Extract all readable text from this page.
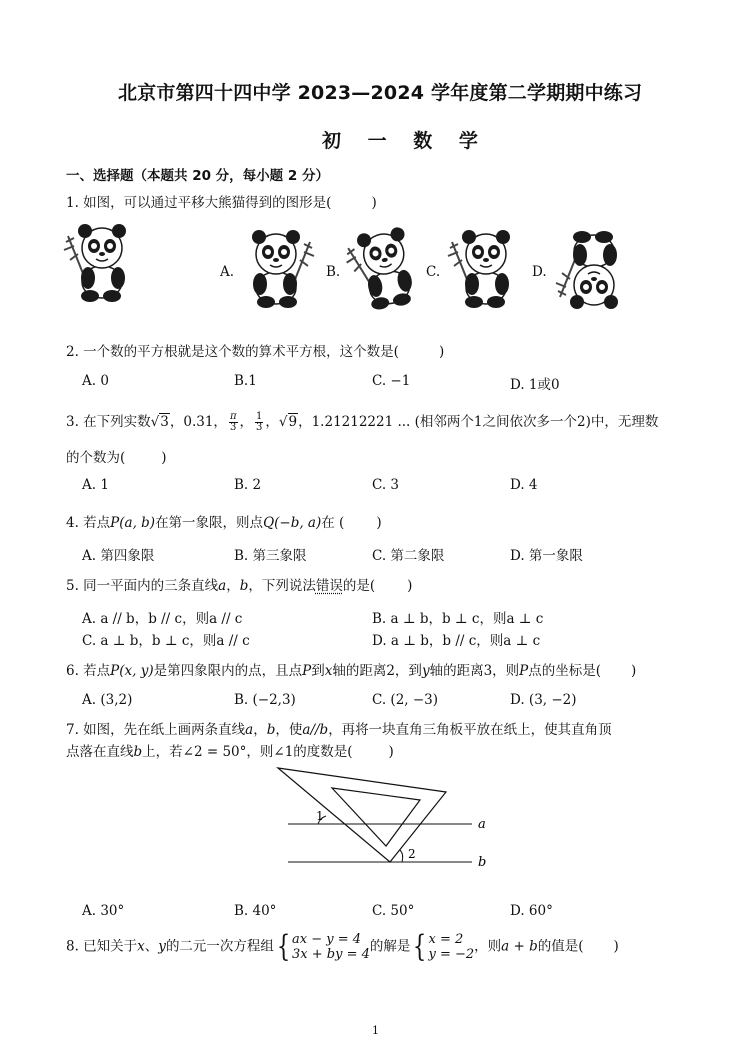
北京市第四十四中学 2023—2024 学年度第二学期期中练习
初 一 数 学
一、选择题（本题共 20 分，每小题 2 分）
1. 如图，可以通过平移大熊猫得到的图形是(	)
A.	B.	C.	D.
2. 一个数的平方根就是这个数的算术平方根，这个数是(	)
A. 0	B.1	C. −1	D. 1或0
3. 在下列实数√3，0.31， $\frac{\pi}{3}$ ， $\frac{1}{3}$ ，√9，1.21212221 ... (相邻两个1之间依次多一个2)中，无理数
的个数为(	)
A. 1	B. 2	C. 3	D. 4
4. 若点P(a, b)在第一象限，则点Q(−b, a)在 ( )
A. 第四象限	B. 第三象限	C. 第二象限	D. 第一象限
5. 同一平面内的三条直线a，b，下列说法错误的是( )
A. a // b，b // c，则a // c	B. a ⊥ b，b ⊥ c，则a ⊥ c
C. a ⊥ b，b ⊥ c，则a // c	D. a ⊥ b，b // c，则a ⊥ c
6. 若点P(x, y)是第四象限内的点，且点P到x轴的距离2，到y轴的距离3，则P点的坐标是( )
A. (3,2)	B. (−2,3)	C. (2, −3)	D. (3, −2)
7. 如图，先在纸上画两条直线a，b，使a//b，再将一块直角三角板平放在纸上，使其直角顶
点落在直线b上，若∠2 = 50°，则∠1的度数是(	)
1
2
a
b
A. 30°	B. 40°	C. 50°	D. 60°
8. 已知关于x、y的二元一次方程组{ ax − y = 4
3x + by = 4 的解是{ x = 2
y = −2 ，则a + b的值是( )
1
